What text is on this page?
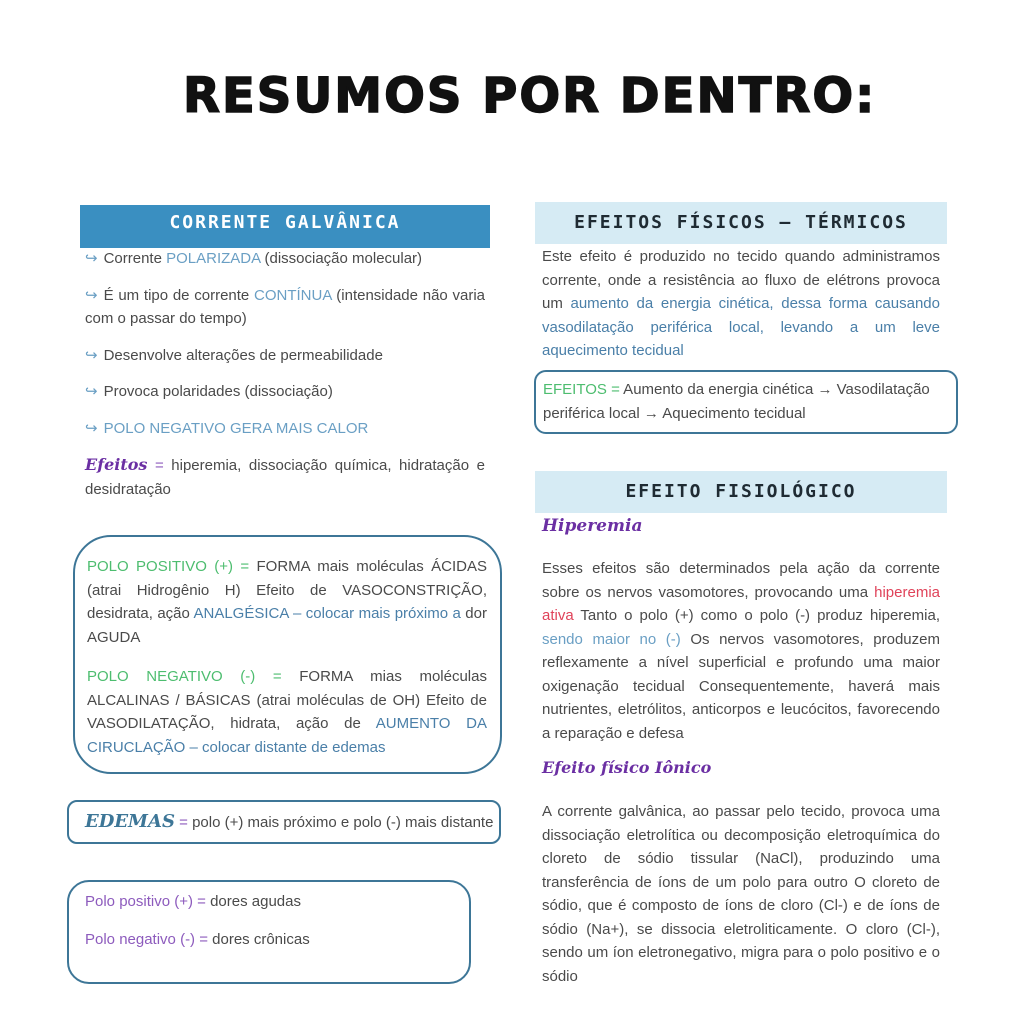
RESUMOS POR DENTRO:
CORRENTE GALVÂNICA
↪ Corrente POLARIZADA (dissociação molecular)
↪ É um tipo de corrente CONTÍNUA (intensidade não varia com o passar do tempo)
↪ Desenvolve alterações de permeabilidade
↪ Provoca polaridades (dissociação)
↪ POLO NEGATIVO GERA MAIS CALOR
Efeitos = hiperemia, dissociação química, hidratação e desidratação
POLO POSITIVO (+) = FORMA mais moléculas ÁCIDAS (atrai Hidrogênio H) Efeito de VASOCONSTRIÇÃO, desidrata, ação ANALGÉSICA – colocar mais próximo a dor AGUDA
POLO NEGATIVO (-) = FORMA mias moléculas ALCALINAS / BÁSICAS (atrai moléculas de OH) Efeito de VASODILATAÇÃO, hidrata, ação de AUMENTO DA CIRUCLAÇÃO – colocar distante de edemas
EDEMAS = polo (+) mais próximo e polo (-) mais distante
Polo positivo (+) = dores agudas
Polo negativo (-) = dores crônicas
EFEITOS FÍSICOS – TÉRMICOS
Este efeito é produzido no tecido quando administramos corrente, onde a resistência ao fluxo de elétrons provoca um aumento da energia cinética, dessa forma causando vasodilatação periférica local, levando a um leve aquecimento tecidual
EFEITOS = Aumento da energia cinética → Vasodilatação periférica local → Aquecimento tecidual
EFEITO FISIOLÓGICO
Hiperemia
Esses efeitos são determinados pela ação da corrente sobre os nervos vasomotores, provocando uma hiperemia ativa Tanto o polo (+) como o polo (-) produz hiperemia, sendo maior no (-) Os nervos vasomotores, produzem reflexamente a nível superficial e profundo uma maior oxigenação tecidual Consequentemente, haverá mais nutrientes, eletrólitos, anticorpos e leucócitos, favorecendo a reparação e defesa
Efeito físico Iônico
A corrente galvânica, ao passar pelo tecido, provoca uma dissociação eletrolítica ou decomposição eletroquímica do cloreto de sódio tissular (NaCl), produzindo uma transferência de íons de um polo para outro O cloreto de sódio, que é composto de íons de cloro (Cl-) e de íons de sódio (Na+), se dissocia eletroliticamente. O cloro (Cl-), sendo um íon eletronegativo, migra para o polo positivo e o sódio
